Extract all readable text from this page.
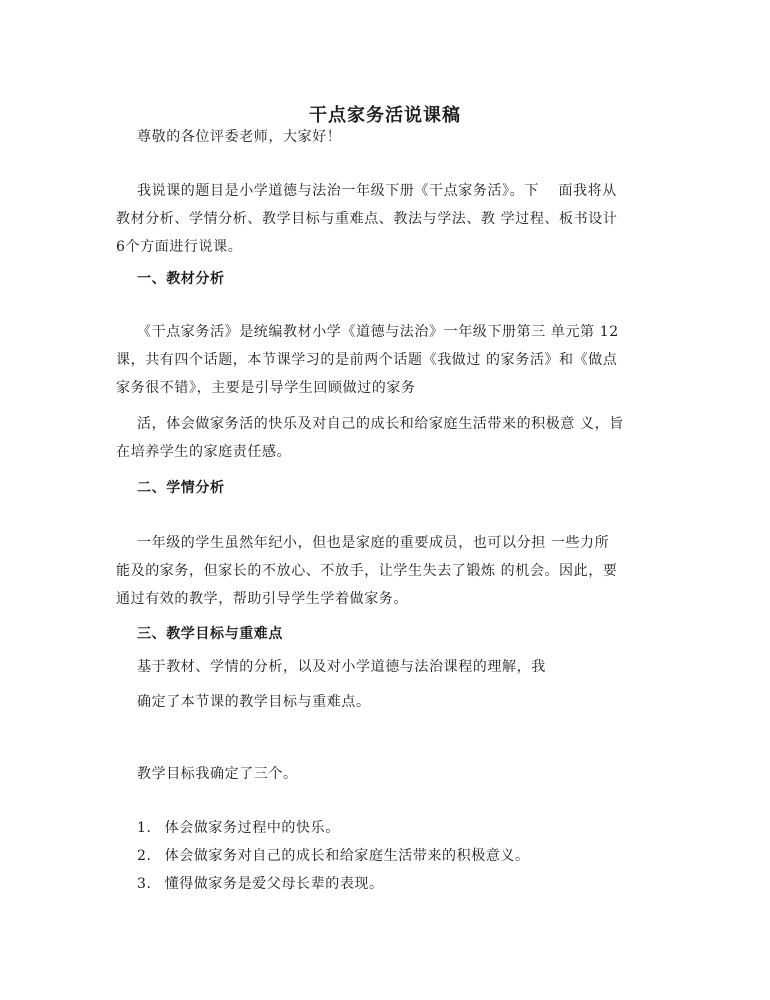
干点家务活说课稿
尊敬的各位评委老师，大家好！
我说课的题目是小学道德与法治一年级下册《干点家务活》。下　 面我将从
教材分析、学情分析、教学目标与重难点、教法与学法、教 学过程、板书设计
6个方面进行说课。
一、教材分析
《干点家务活》是统编教材小学《道德与法治》一年级下册第三 单元第 12
课，共有四个话题，本节课学习的是前两个话题《我做过 的家务活》和《做点
家务很不错》，主要是引导学生回顾做过的家务
活，体会做家务活的快乐及对自己的成长和给家庭生活带来的积极意 义，旨
在培养学生的家庭责任感。
二、学情分析
一年级的学生虽然年纪小，但也是家庭的重要成员，也可以分担 一些力所
能及的家务，但家长的不放心、不放手，让学生失去了锻炼 的机会。因此，要
通过有效的教学，帮助引导学生学着做家务。
三、教学目标与重难点
基于教材、学情的分析，以及对小学道德与法治课程的理解，我
确定了本节课的教学目标与重难点。
教学目标我确定了三个。
1. 体会做家务过程中的快乐。
2. 体会做家务对自己的成长和给家庭生活带来的积极意义。
3. 懂得做家务是爱父母长辈的表现。
